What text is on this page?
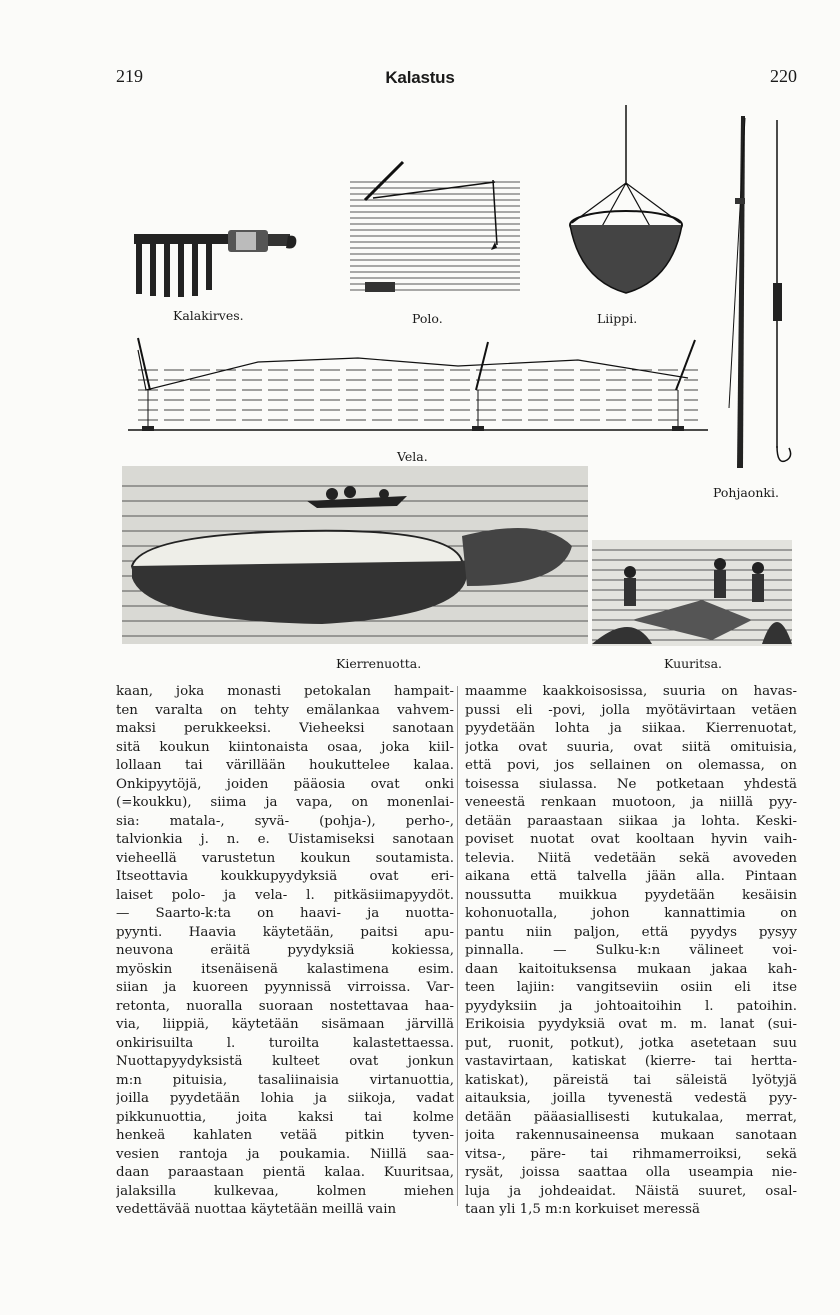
219	Kalastus	220
Kalakirves.	Polo.	Liippi.
Pohjaonki.
Vela.
Kierrenuotta.	Kuuritsa.
kaan, joka monasti petokalan hampait-
ten varalta on tehty emälankaa vahvem-
maksi perukkeeksi. Vieheeksi sanotaan
sitä koukun kiintonaista osaa, joka kiil-
lollaan tai värillään houkuttelee kalaa.
Onkipyytöjä, joiden pääosia ovat onki
(=koukku), siima ja vapa, on monenlai-
sia: matala-, syvä- (pohja-), perho-,
talvionkia j. n. e. Uistamiseksi sanotaan
vieheellä varustetun koukun soutamista.
Itseottavia koukkupyydyksiä ovat eri-
laiset polo- ja vela- l. pitkäsiimapyydöt.
— Saarto-k:ta on haavi- ja nuotta-
pyynti. Haavia käytetään, paitsi apu-
neuvona eräitä pyydyksiä kokiessa,
myöskin itsenäisenä kalastimena esim.
siian ja kuoreen pyynnissä virroissa. Var-
retonta, nuoralla suoraan nostettavaa haa-
via, liippiä, käytetään sisämaan järvillä
onkirisuilta l. turoilta kalastettaessa.
Nuottapyydyksistä kulteet ovat jonkun
m:n pituisia, tasaliinaisia virtanuottia,
joilla pyydetään lohia ja siikoja, vadat
pikkunuottia, joita kaksi tai kolme
henkeä kahlaten vetää pitkin tyven-
vesien rantoja ja poukamia. Niillä saa-
daan paraastaan pientä kalaa. Kuuritsaa,
jalaksilla kulkevaa, kolmen miehen
vedettävää nuottaa käytetään meillä vain
maamme kaakkoisosissa, suuria on havas-
pussi eli -povi, jolla myötävirtaan vetäen
pyydetään lohta ja siikaa. Kierrenuotat,
jotka ovat suuria, ovat siitä omituisia,
että povi, jos sellainen on olemassa, on
toisessa siulassa. Ne potketaan yhdestä
veneestä renkaan muotoon, ja niillä pyy-
detään paraastaan siikaa ja lohta. Keski-
poviset nuotat ovat kooltaan hyvin vaih-
televia. Niitä vedetään sekä avoveden
aikana että talvella jään alla. Pintaan
noussutta muikkua pyydetään kesäisin
kohonuotalla, johon kannattimia on
pantu niin paljon, että pyydys pysyy
pinnalla. — Sulku-k:n välineet voi-
daan kaitoituksensa mukaan jakaa kah-
teen lajiin: vangitseviin osiin eli itse
pyydyksiin ja johtoaitoihin l. patoihin.
Erikoisia pyydyksiä ovat m. m. lanat (sui-
put, ruonit, potkut), jotka asetetaan suu
vastavirtaan, katiskat (kierre- tai hertta-
katiskat), päreistä tai säleistä lyötyjä
aitauksia, joilla tyvenestä vedestä pyy-
detään pääasiallisesti kutukalaa, merrat,
joita rakennusaineensa mukaan sanotaan
vitsa-, päre- tai rihmamerroiksi, sekä
rysät, joissa saattaa olla useampia nie-
luja ja johdeaidat. Näistä suuret, osal-
taan yli 1,5 m:n korkuiset meressä
